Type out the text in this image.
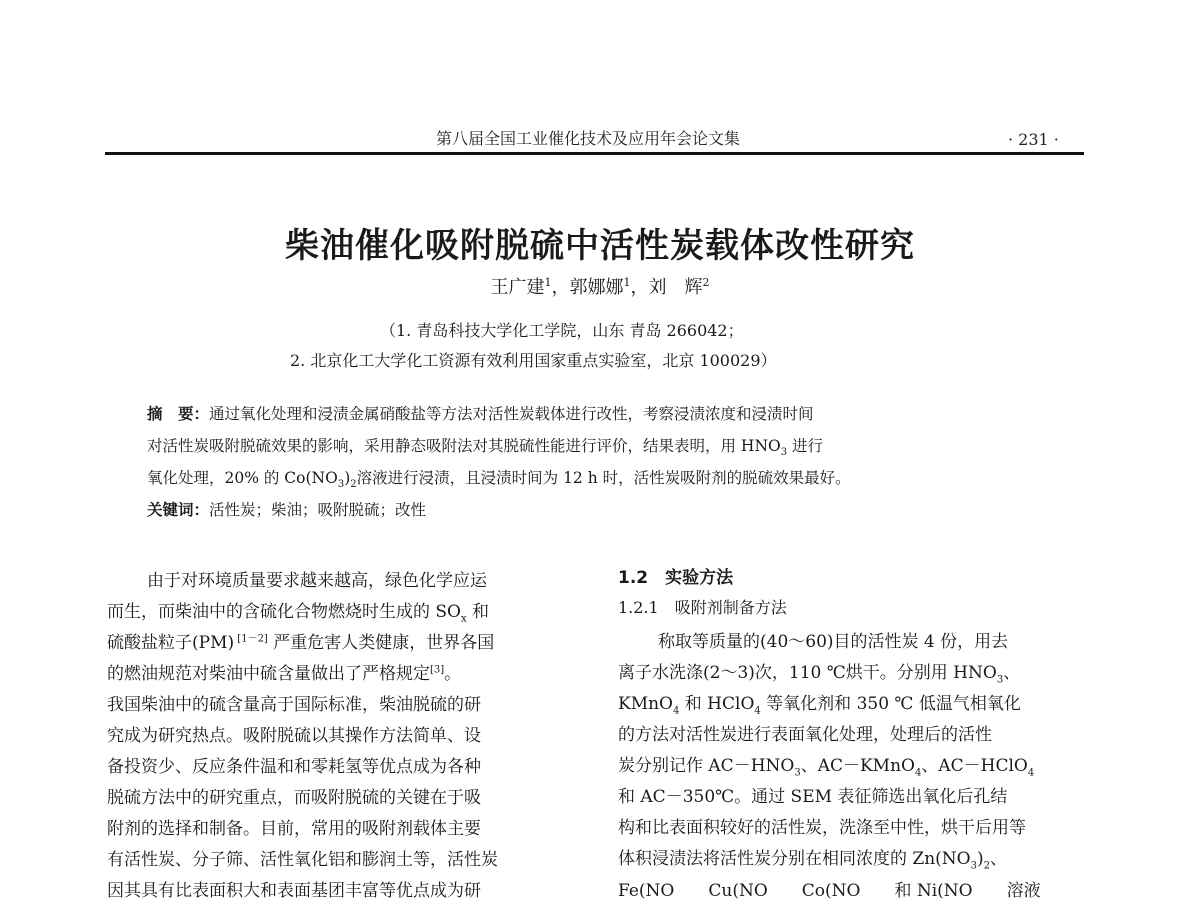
第八届全国工业催化技术及应用年会论文集	· 231 ·
柴油催化吸附脱硫中活性炭载体改性研究
王广建$^1$，郭娜娜$^1$，刘　辉$^2$
（1. 青岛科技大学化工学院，山东 青岛 266042；
2. 北京化工大学化工资源有效利用国家重点实验室，北京 100029）
摘　要：通过氧化处理和浸渍金属硝酸盐等方法对活性炭载体进行改性，考察浸渍浓度和浸渍时间
对活性炭吸附脱硫效果的影响，采用静态吸附法对其脱硫性能进行评价，结果表明，用 $HNO_3$ 进行
氧化处理，20% 的 $Co(NO_3)_2$溶液进行浸渍，且浸渍时间为 12 h 时，活性炭吸附剂的脱硫效果最好。
关键词：活性炭；柴油；吸附脱硫；改性
由于对环境质量要求越来越高，绿色化学应运
而生，而柴油中的含硫化合物燃烧时生成的 $SO_x$ 和
硫酸盐粒子(PM) [1－2] 严重危害人类健康，世界各国
的燃油规范对柴油中硫含量做出了严格规定[3]。
我国柴油中的硫含量高于国际标准，柴油脱硫的研
究成为研究热点。吸附脱硫以其操作方法简单、设
备投资少、反应条件温和和零耗氢等优点成为各种
脱硫方法中的研究重点，而吸附脱硫的关键在于吸
附剂的选择和制备。目前，常用的吸附剂载体主要
有活性炭、分子筛、活性氧化铝和膨润土等，活性炭
因其具有比表面积大和表面基团丰富等优点成为研
1.2　实验方法
1.2.1　吸附剂制备方法
称取等质量的(40～60)目的活性炭 4 份，用去
离子水洗涤(2～3)次，110 ℃烘干。分别用 $HNO_3$、
KMnO$_4$ 和 HClO$_4$ 等氧化剂和 350 ℃ 低温气相氧化
的方法对活性炭进行表面氧化处理，处理后的活性
炭分别记作 $AC-HNO_3$、AC－KMnO$_4$、AC－HClO$_4$
和 AC－350℃。通过 SEM 表征筛选出氧化后孔结
构和比表面积较好的活性炭，洗涤至中性，烘干后用等
体积浸渍法将活性炭分别在相同浓度的 $Zn(NO_3)_2$、
Fe(NO　　Cu(NO　　Co(NO　　和 Ni(NO　　溶液
